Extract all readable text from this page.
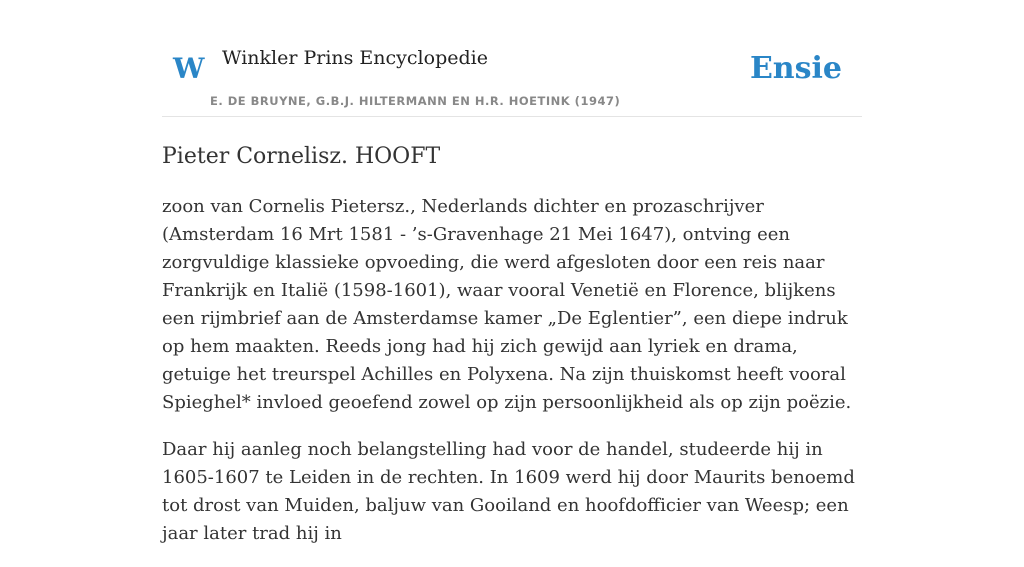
W Winkler Prins Encyclopedie
E. DE BRUYNE, G.B.J. HILTERMANN EN H.R. HOETINK (1947)
Ensie
Pieter Cornelisz. HOOFT

zoon van Cornelis Pietersz., Nederlands dichter en prozaschrijver (Amsterdam 16 Mrt 1581 - ’s-Gravenhage 21 Mei 1647), ontving een zorgvuldige klassieke opvoeding, die werd afgesloten door een reis naar Frankrijk en Italië (1598-1601), waar vooral Venetië en Florence, blijkens een rijmbrief aan de Amsterdamse kamer „De Eglentier”, een diepe indruk op hem maakten. Reeds jong had hij zich gewijd aan lyriek en drama, getuige het treurspel Achilles en Polyxena. Na zijn thuiskomst heeft vooral Spieghel* invloed geoefend zowel op zijn persoonlijkheid als op zijn poëzie.

Daar hij aanleg noch belangstelling had voor de handel, studeerde hij in 1605-1607 te Leiden in de rechten. In 1609 werd hij door Maurits benoemd tot drost van Muiden, baljuw van Gooiland en hoofdofficier van Weesp; een jaar later trad hij in
